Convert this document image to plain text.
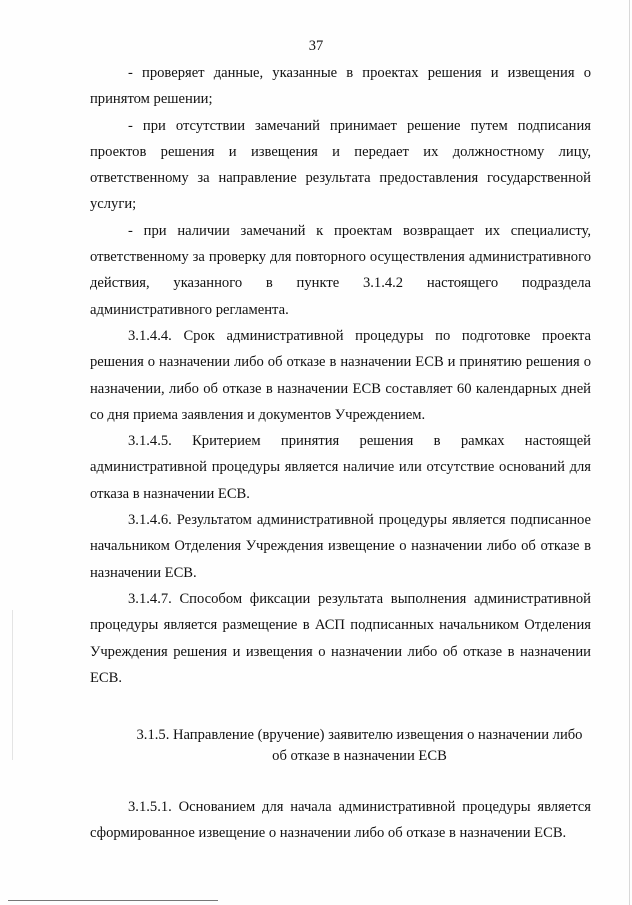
37

- проверяет данные, указанные в проектах решения и извещения о принятом решении;

- при отсутствии замечаний принимает решение путем подписания проектов решения и извещения и передает их должностному лицу, ответственному за направление результата предоставления государственной услуги;

- при наличии замечаний к проектам возвращает их специалисту, ответственному за проверку для повторного осуществления административного действия, указанного в пункте 3.1.4.2 настоящего подраздела административного регламента.

3.1.4.4. Срок административной процедуры по подготовке проекта решения о назначении либо об отказе в назначении ЕСВ и принятию решения о назначении, либо об отказе в назначении ЕСВ составляет 60 календарных дней со дня приема заявления и документов Учреждением.

3.1.4.5. Критерием принятия решения в рамках настоящей административной процедуры является наличие или отсутствие оснований для отказа в назначении ЕСВ.

3.1.4.6. Результатом административной процедуры является подписанное начальником Отделения Учреждения извещение о назначении либо об отказе в назначении ЕСВ.

3.1.4.7. Способом фиксации результата выполнения административной процедуры является размещение в АСП подписанных начальником Отделения Учреждения решения и извещения о назначении либо об отказе в назначении ЕСВ.

3.1.5. Направление (вручение) заявителю извещения о назначении либо
об отказе в назначении ЕСВ

3.1.5.1. Основанием для начала административной процедуры является сформированное извещение о назначении либо об отказе в назначении ЕСВ.
